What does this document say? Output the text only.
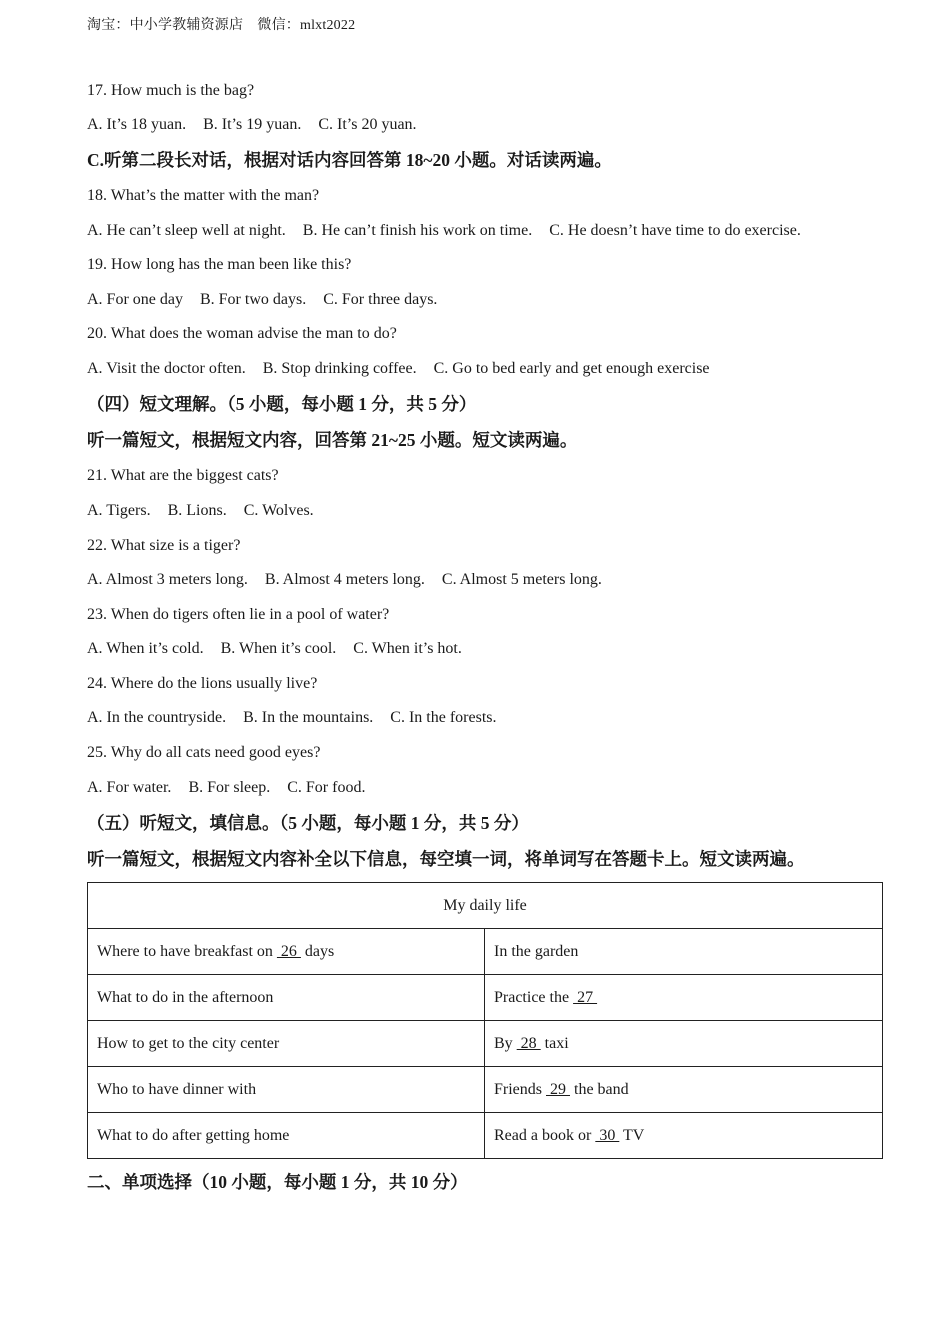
淘宝：中小学教辅资源店　微信：mlxt2022
17. How much is the bag?
A. It’s 18 yuan. B. It’s 19 yuan. C. It’s 20 yuan.
C.听第二段长对话，根据对话内容回答第 18~20 小题。对话读两遍。
18. What’s the matter with the man?
A. He can’t sleep well at night. B. He can’t finish his work on time. C. He doesn’t have time to do exercise.
19. How long has the man been like this?
A. For one day B. For two days. C. For three days.
20. What does the woman advise the man to do?
A. Visit the doctor often. B. Stop drinking coffee. C. Go to bed early and get enough exercise
（四）短文理解。（5 小题，每小题 1 分，共 5 分）
听一篇短文，根据短文内容，回答第 21~25 小题。短文读两遍。
21. What are the biggest cats?
A. Tigers. B. Lions. C. Wolves.
22. What size is a tiger?
A. Almost 3 meters long. B. Almost 4 meters long. C. Almost 5 meters long.
23. When do tigers often lie in a pool of water?
A. When it’s cold. B. When it’s cool. C. When it’s hot.
24. Where do the lions usually live?
A. In the countryside. B. In the mountains. C. In the forests.
25. Why do all cats need good eyes?
A. For water. B. For sleep. C. For food.
（五）听短文，填信息。（5 小题，每小题 1 分，共 5 分）
听一篇短文，根据短文内容补全以下信息，每空填一词，将单词写在答题卡上。短文读两遍。
二、单项选择（10 小题，每小题 1 分，共 10 分）
My daily life	
Where to have breakfast on  26  days	In the garden
What to do in the afternoon	Practice the  27
How to get to the city center	By  28  taxi
Who to have dinner with	Friends  29  the band
What to do after getting home	Read a book or  30  TV
